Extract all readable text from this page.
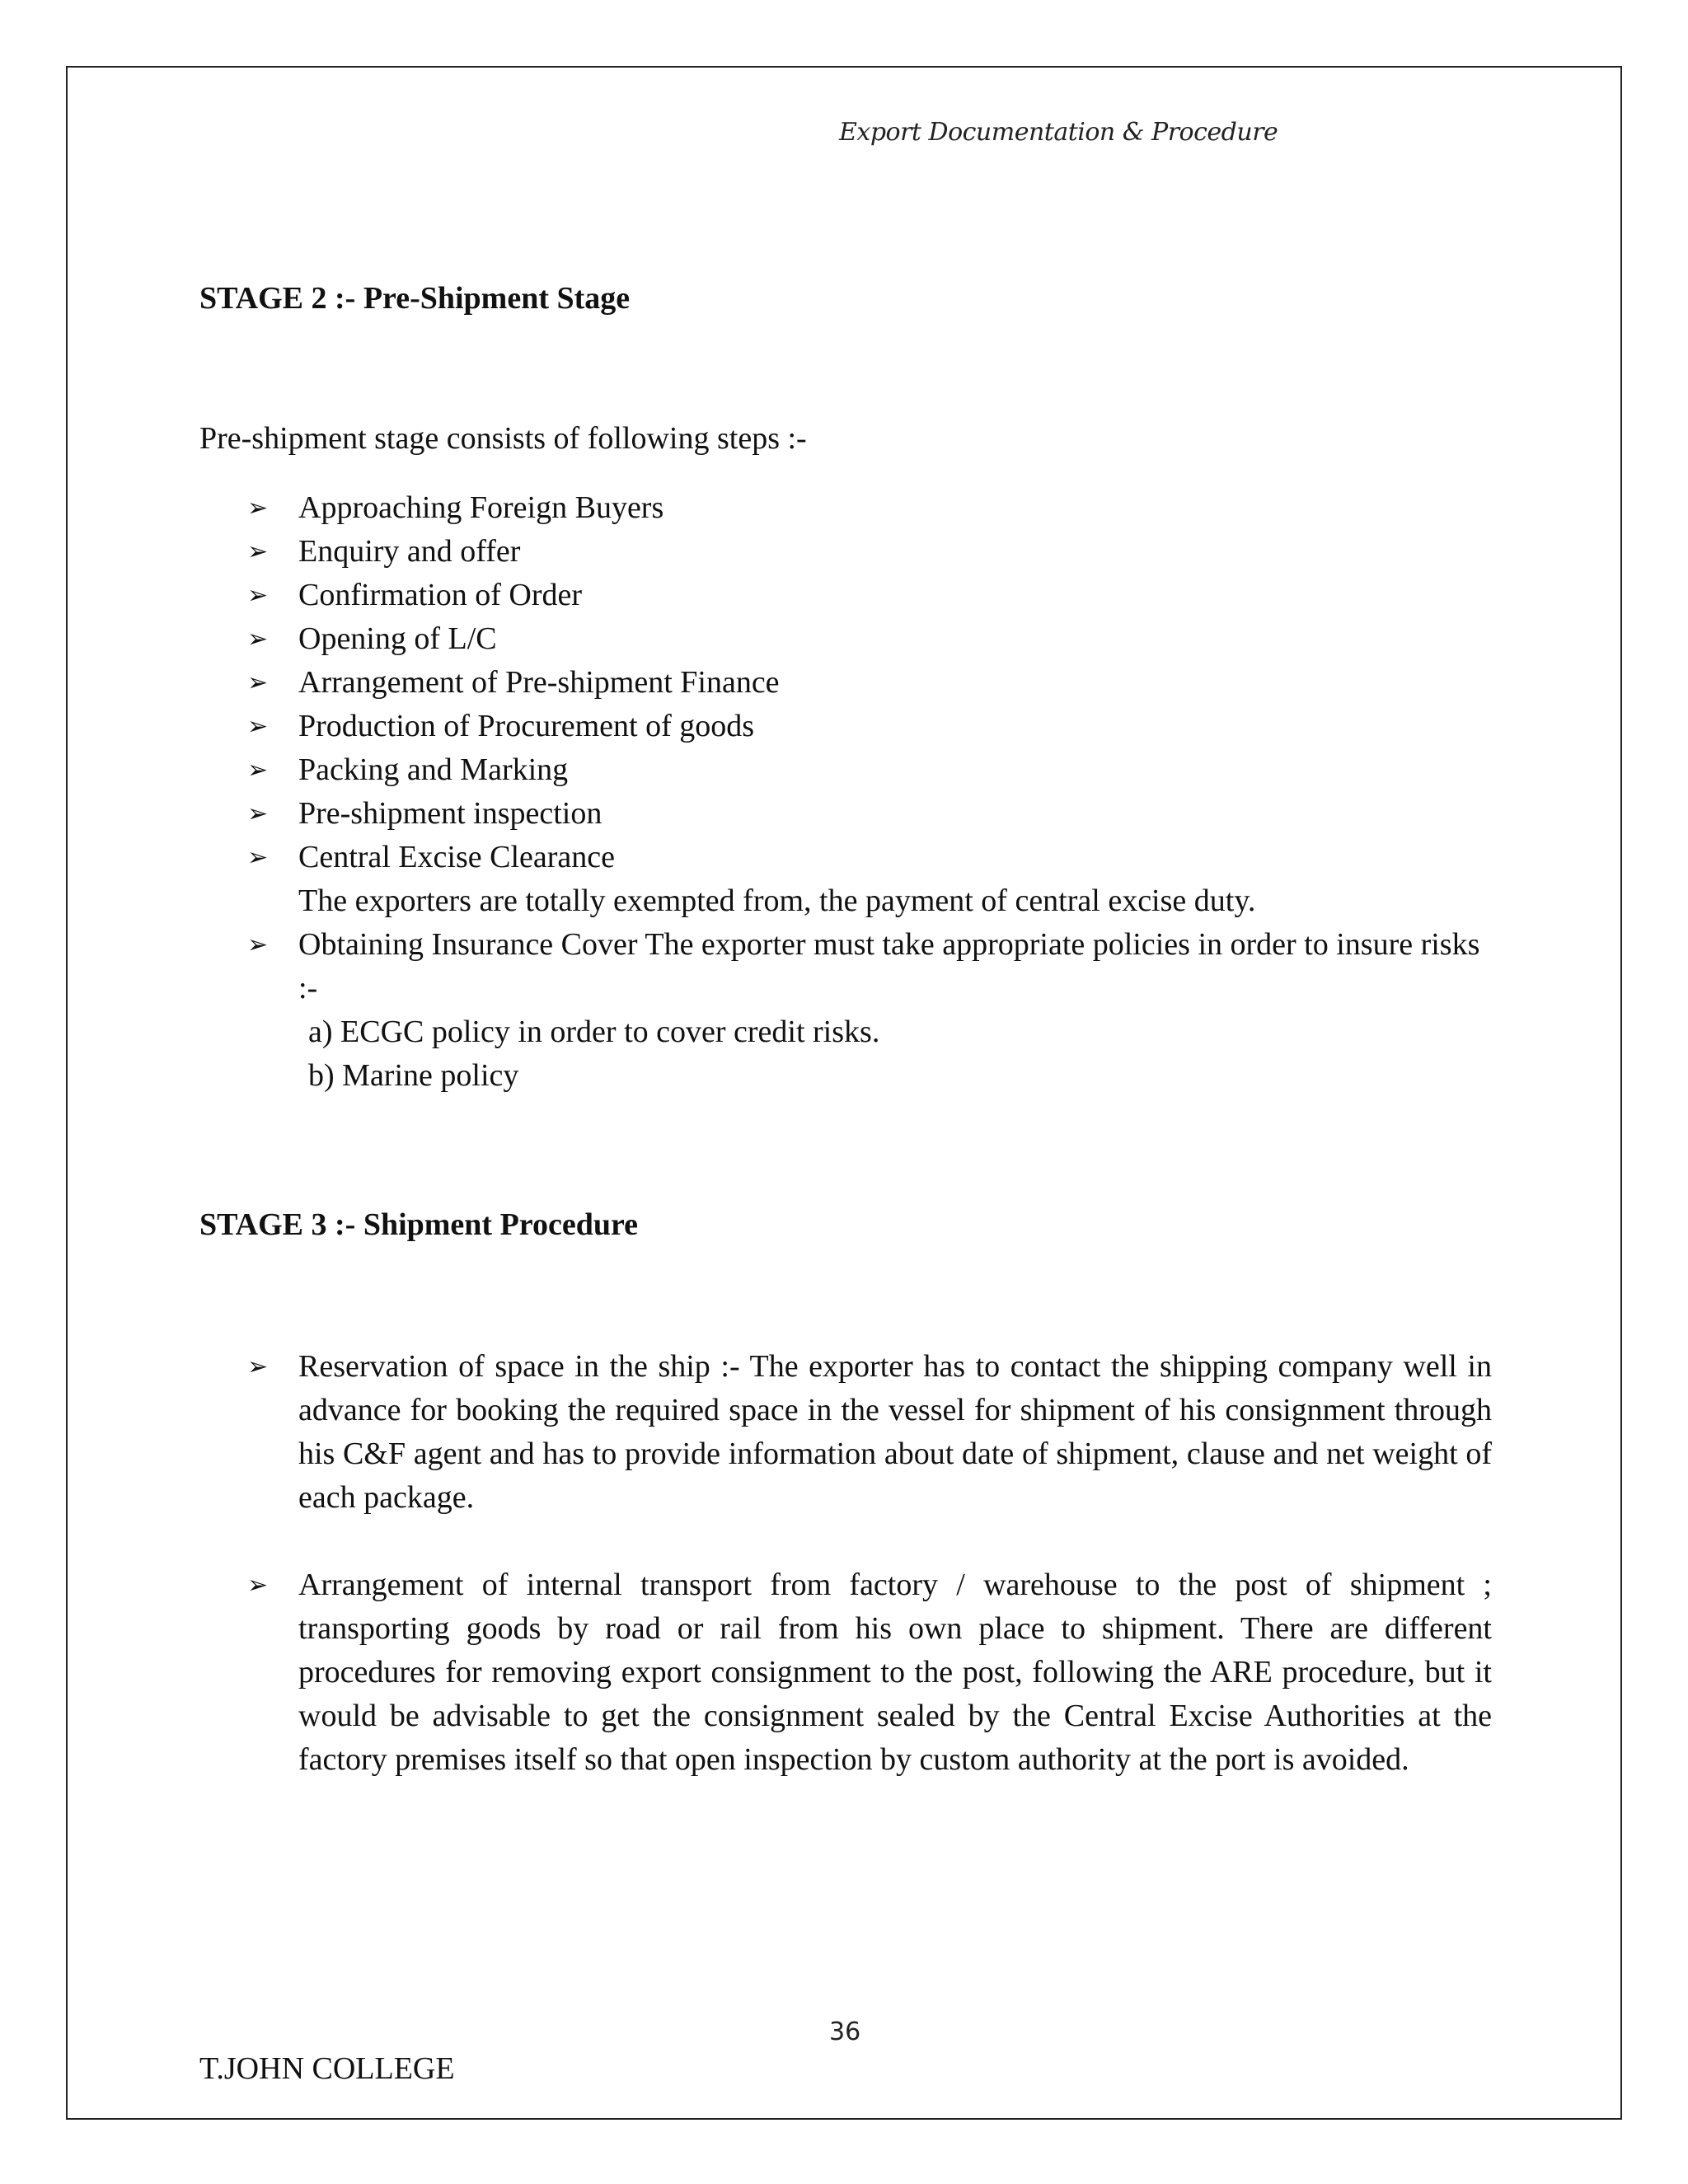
Export Documentation & Procedure
STAGE 2 :- Pre-Shipment Stage
Pre-shipment stage consists of following steps :-
➢ Approaching Foreign Buyers
➢ Enquiry and offer
➢ Confirmation of Order
➢ Opening of L/C
➢ Arrangement of Pre-shipment Finance
➢ Production of Procurement of goods
➢ Packing and Marking
➢ Pre-shipment inspection
➢ Central Excise Clearance
The exporters are totally exempted from, the payment of central excise duty.
➢ Obtaining Insurance Cover The exporter must take appropriate policies in order to insure risks :-
a) ECGC policy in order to cover credit risks.
b) Marine policy
STAGE 3 :- Shipment Procedure
➢ Reservation of space in the ship :- The exporter has to contact the shipping company well in advance for booking the required space in the vessel for shipment of his consignment through his C&F agent and has to provide information about date of shipment, clause and net weight of each package.
➢ Arrangement of internal transport from factory / warehouse to the post of shipment ; transporting goods by road or rail from his own place to shipment. There are different procedures for removing export consignment to the post, following the ARE procedure, but it would be advisable to get the consignment sealed by the Central Excise Authorities at the factory premises itself so that open inspection by custom authority at the port is avoided.
36
T.JOHN COLLEGE
